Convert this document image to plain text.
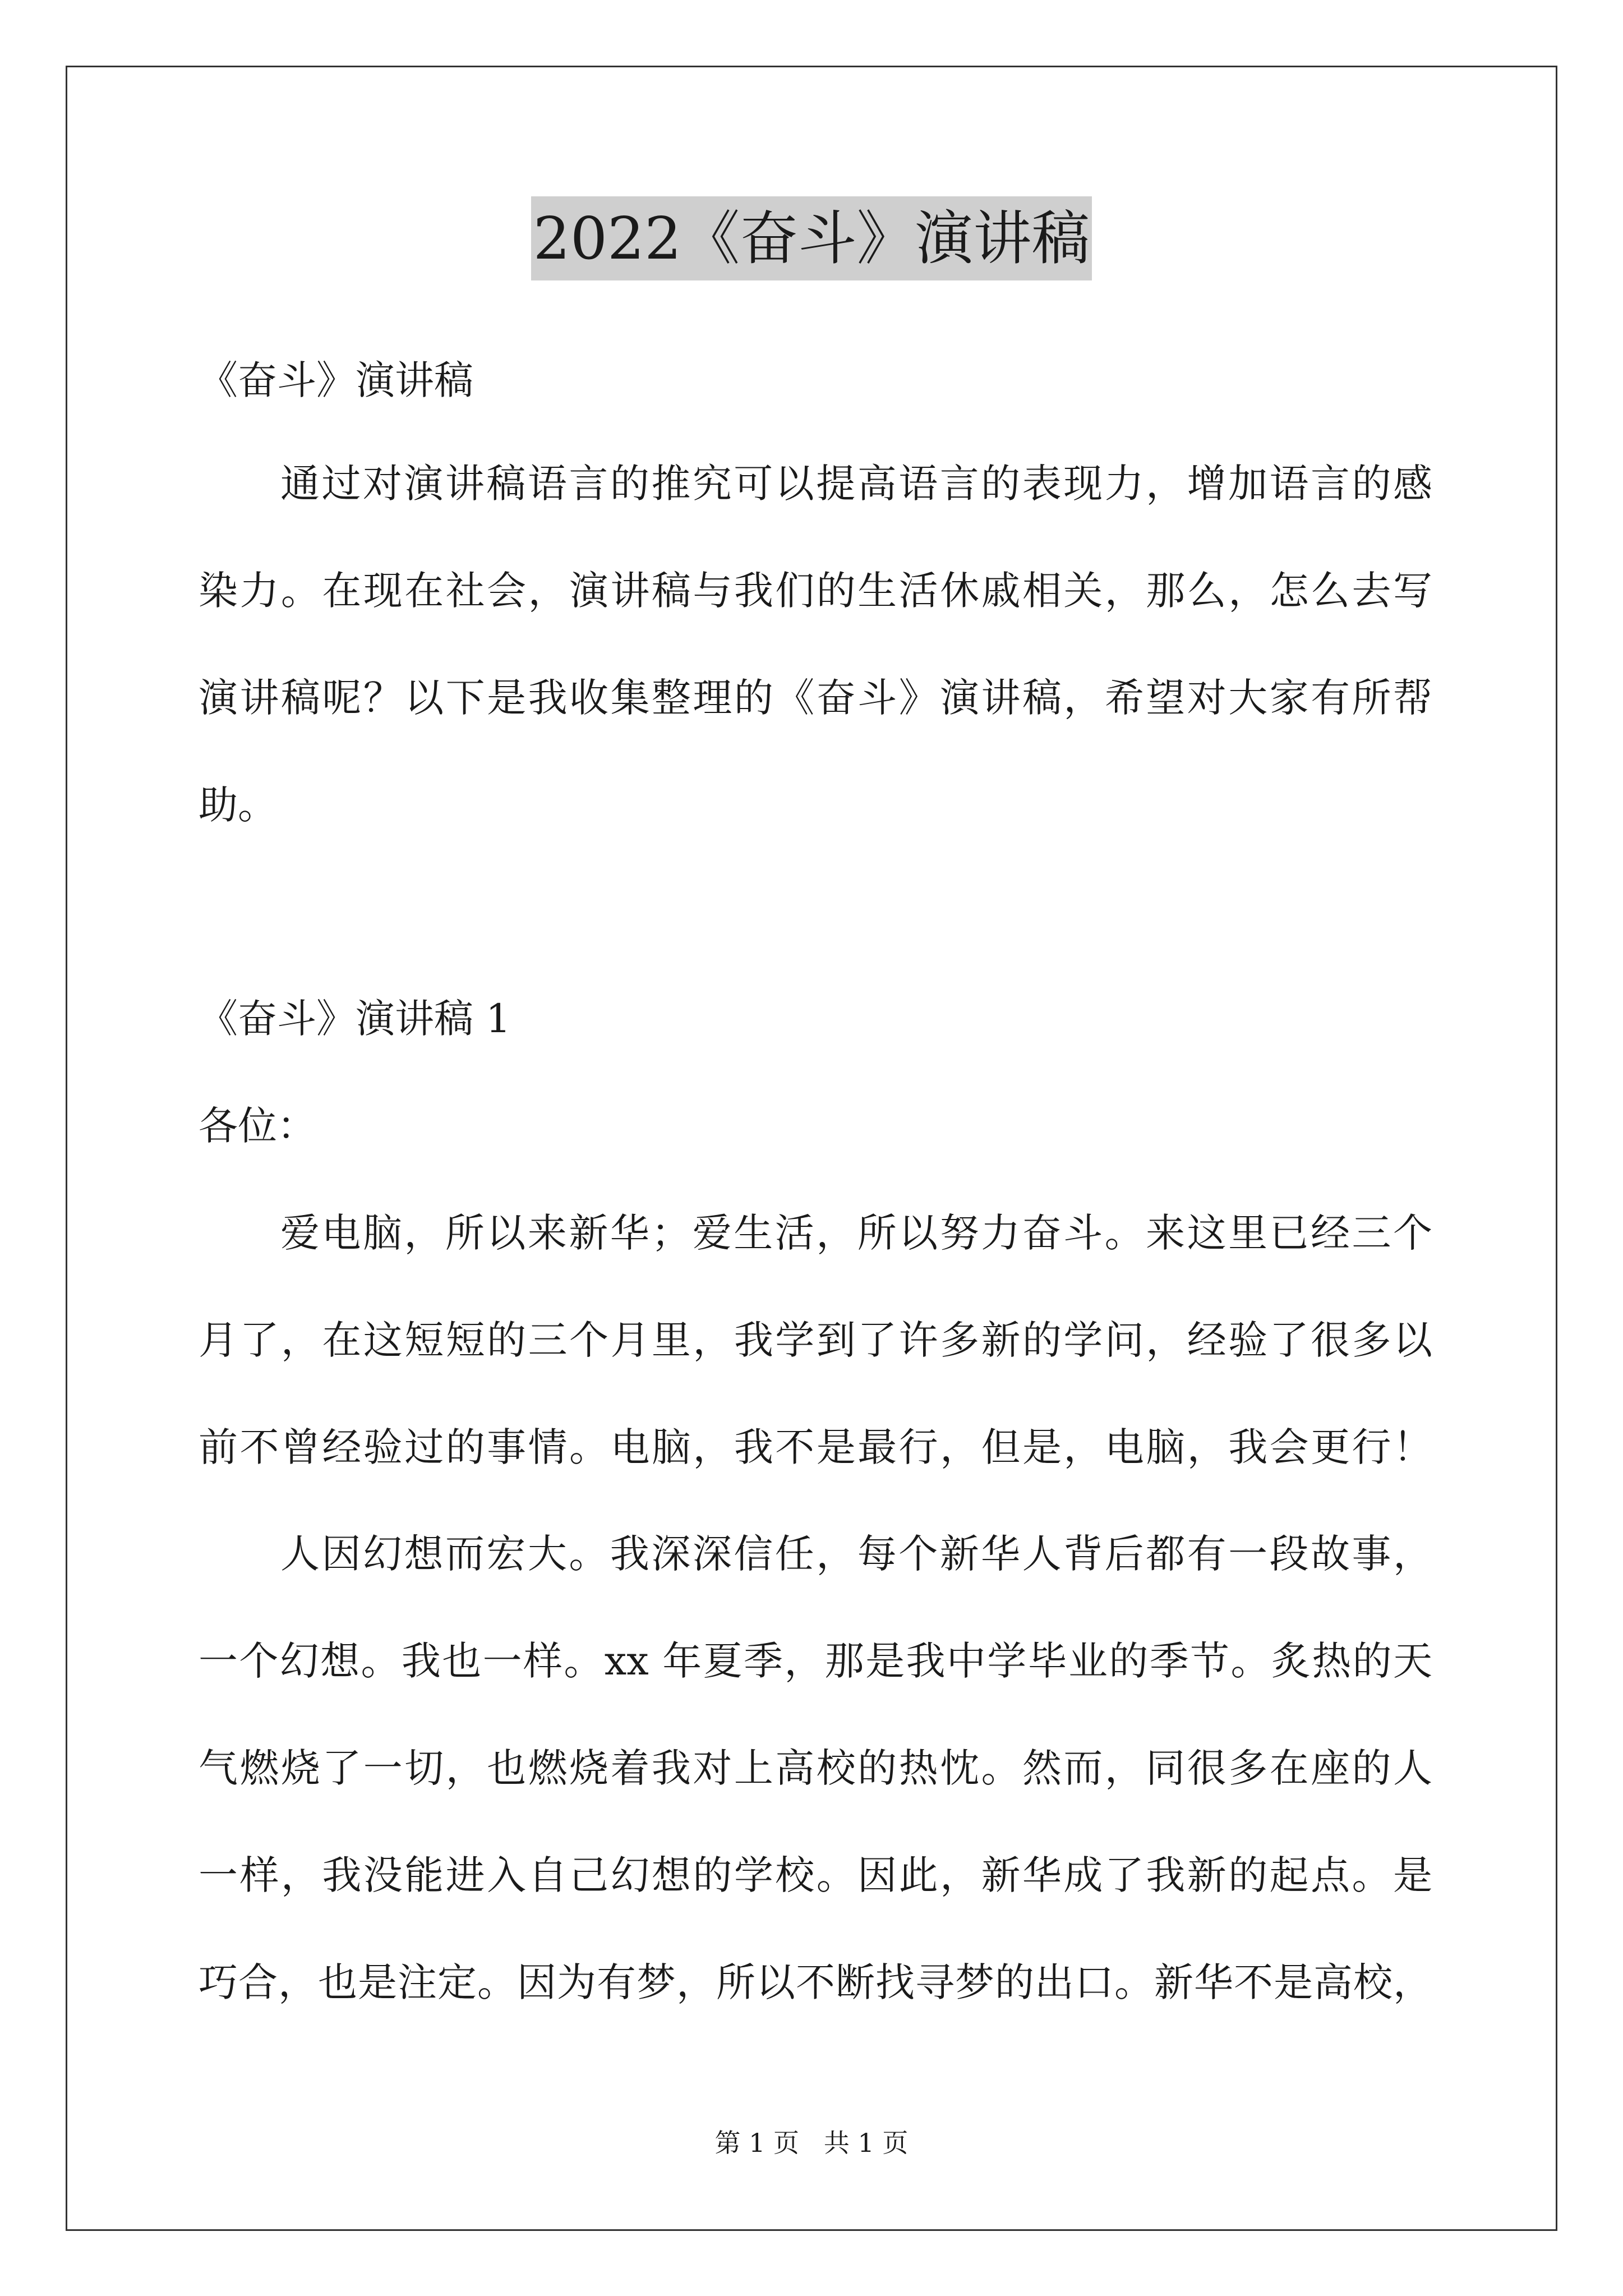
2022《奋斗》演讲稿
《奋斗》演讲稿
通过对演讲稿语言的推究可以提高语言的表现力，增加语言的感
染力。在现在社会，演讲稿与我们的生活休戚相关，那么，怎么去写
演讲稿呢？以下是我收集整理的《奋斗》演讲稿，希望对大家有所帮
助。
《奋斗》演讲稿 1
各位：
爱电脑，所以来新华；爱生活，所以努力奋斗。来这里已经三个
月了，在这短短的三个月里，我学到了许多新的学问，经验了很多以
前不曾经验过的事情。电脑，我不是最行，但是，电脑，我会更行！
人因幻想而宏大。我深深信任，每个新华人背后都有一段故事，
一个幻想。我也一样。xx 年夏季，那是我中学毕业的季节。炙热的天
气燃烧了一切，也燃烧着我对上高校的热忱。然而，同很多在座的人
一样，我没能进入自己幻想的学校。因此，新华成了我新的起点。是
巧合，也是注定。因为有梦，所以不断找寻梦的出口。新华不是高校，
第 1 页   共 1 页
